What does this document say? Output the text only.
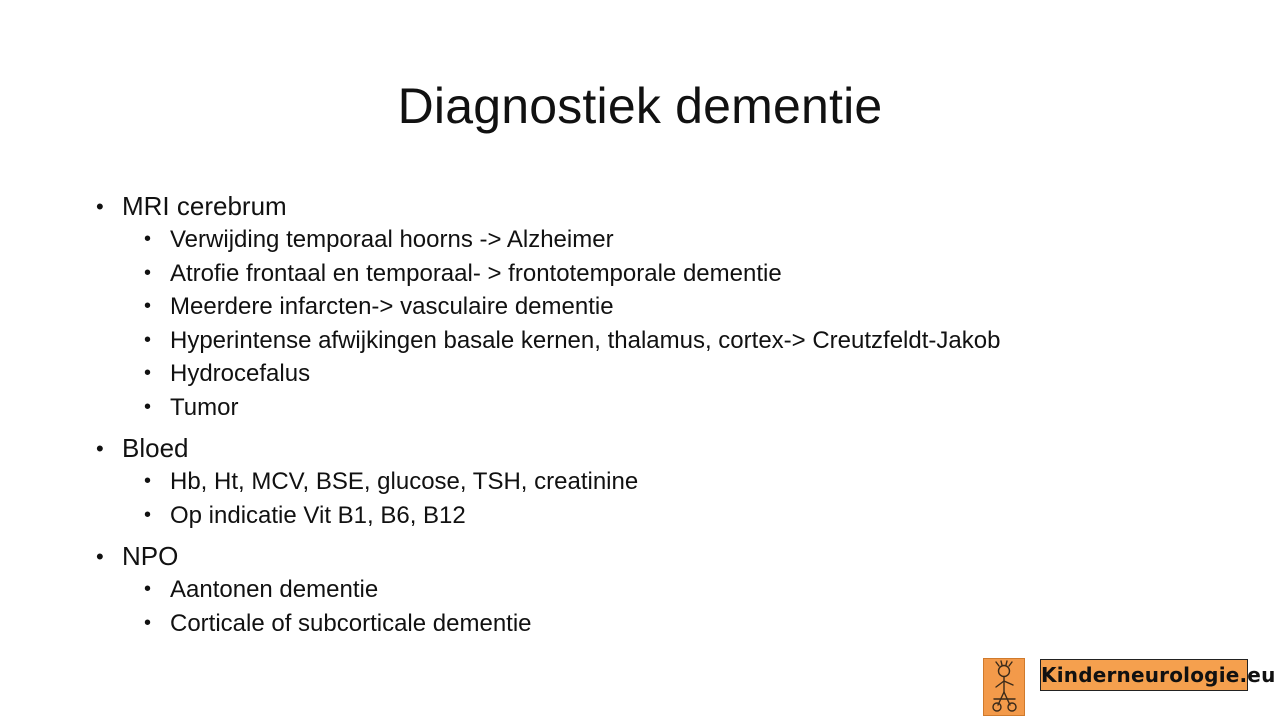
Diagnostiek dementie
• MRI cerebrum
• Verwijding temporaal hoorns -> Alzheimer
• Atrofie frontaal en temporaal- > frontotemporale dementie
• Meerdere infarcten-> vasculaire dementie
• Hyperintense afwijkingen basale kernen, thalamus, cortex-> Creutzfeldt-Jakob
• Hydrocefalus
• Tumor
• Bloed
• Hb, Ht, MCV, BSE, glucose, TSH, creatinine
• Op indicatie Vit B1, B6, B12
• NPO
• Aantonen dementie
• Corticale of subcorticale dementie
Kinderneurologie.eu
